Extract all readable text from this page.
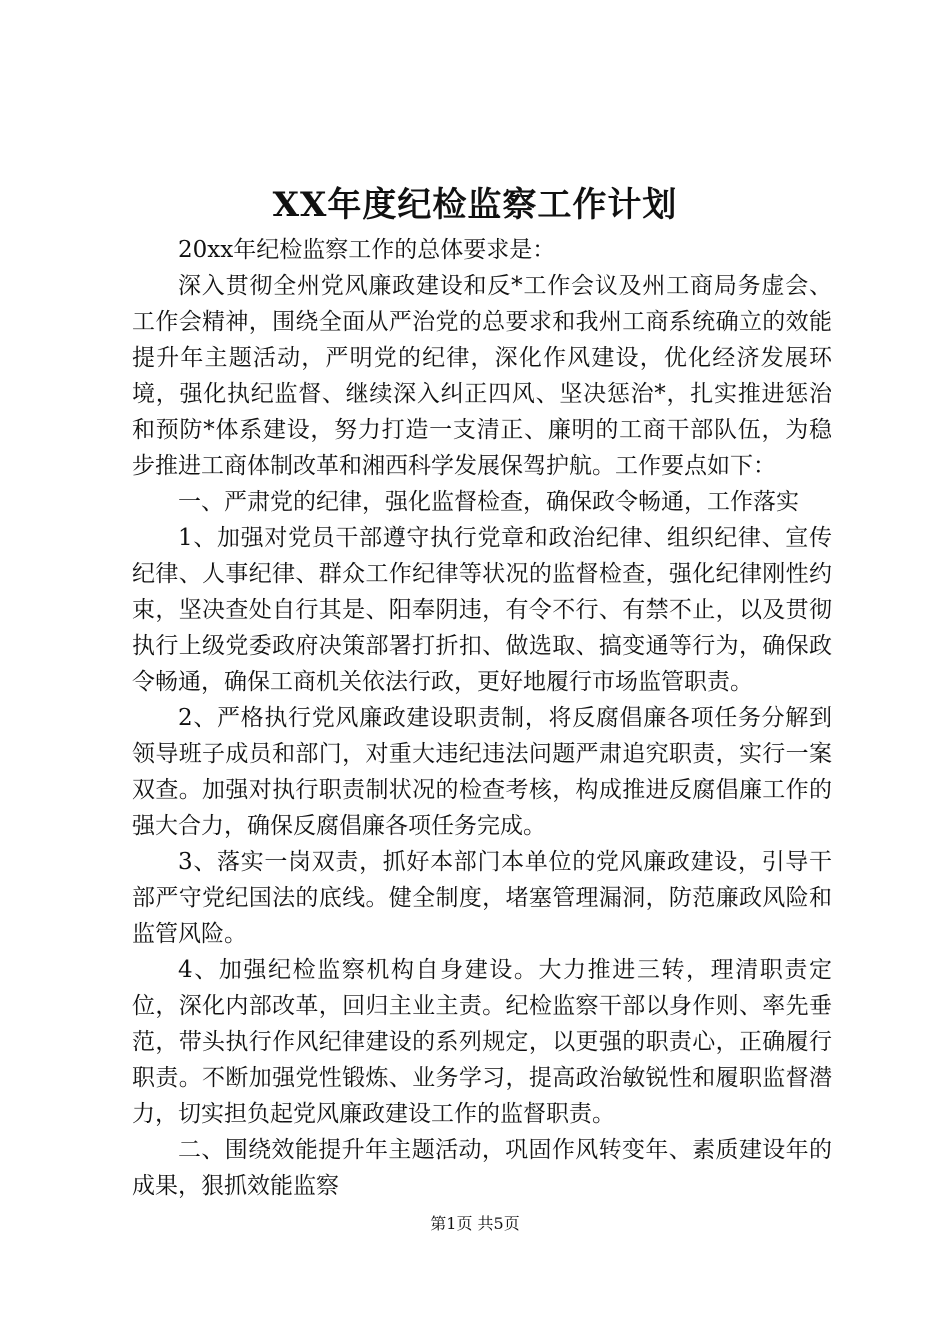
XX年度纪检监察工作计划

20xx年纪检监察工作的总体要求是：

深入贯彻全州党风廉政建设和反*工作会议及州工商局务虚会、工作会精神，围绕全面从严治党的总要求和我州工商系统确立的效能提升年主题活动，严明党的纪律，深化作风建设，优化经济发展环境，强化执纪监督、继续深入纠正四风、坚决惩治*，扎实推进惩治和预防*体系建设，努力打造一支清正、廉明的工商干部队伍，为稳步推进工商体制改革和湘西科学发展保驾护航。工作要点如下：

一、严肃党的纪律，强化监督检查，确保政令畅通，工作落实

1、加强对党员干部遵守执行党章和政治纪律、组织纪律、宣传纪律、人事纪律、群众工作纪律等状况的监督检查，强化纪律刚性约束，坚决查处自行其是、阳奉阴违，有令不行、有禁不止，以及贯彻执行上级党委政府决策部署打折扣、做选取、搞变通等行为，确保政令畅通，确保工商机关依法行政，更好地履行市场监管职责。

2、严格执行党风廉政建设职责制，将反腐倡廉各项任务分解到领导班子成员和部门，对重大违纪违法问题严肃追究职责，实行一案双查。加强对执行职责制状况的检查考核，构成推进反腐倡廉工作的强大合力，确保反腐倡廉各项任务完成。

3、落实一岗双责，抓好本部门本单位的党风廉政建设，引导干部严守党纪国法的底线。健全制度，堵塞管理漏洞，防范廉政风险和监管风险。

4、加强纪检监察机构自身建设。大力推进三转，理清职责定位，深化内部改革，回归主业主责。纪检监察干部以身作则、率先垂范，带头执行作风纪律建设的系列规定，以更强的职责心，正确履行职责。不断加强党性锻炼、业务学习，提高政治敏锐性和履职监督潜力，切实担负起党风廉政建设工作的监督职责。

二、围绕效能提升年主题活动，巩固作风转变年、素质建设年的成果，狠抓效能监察

第1页 共5页
